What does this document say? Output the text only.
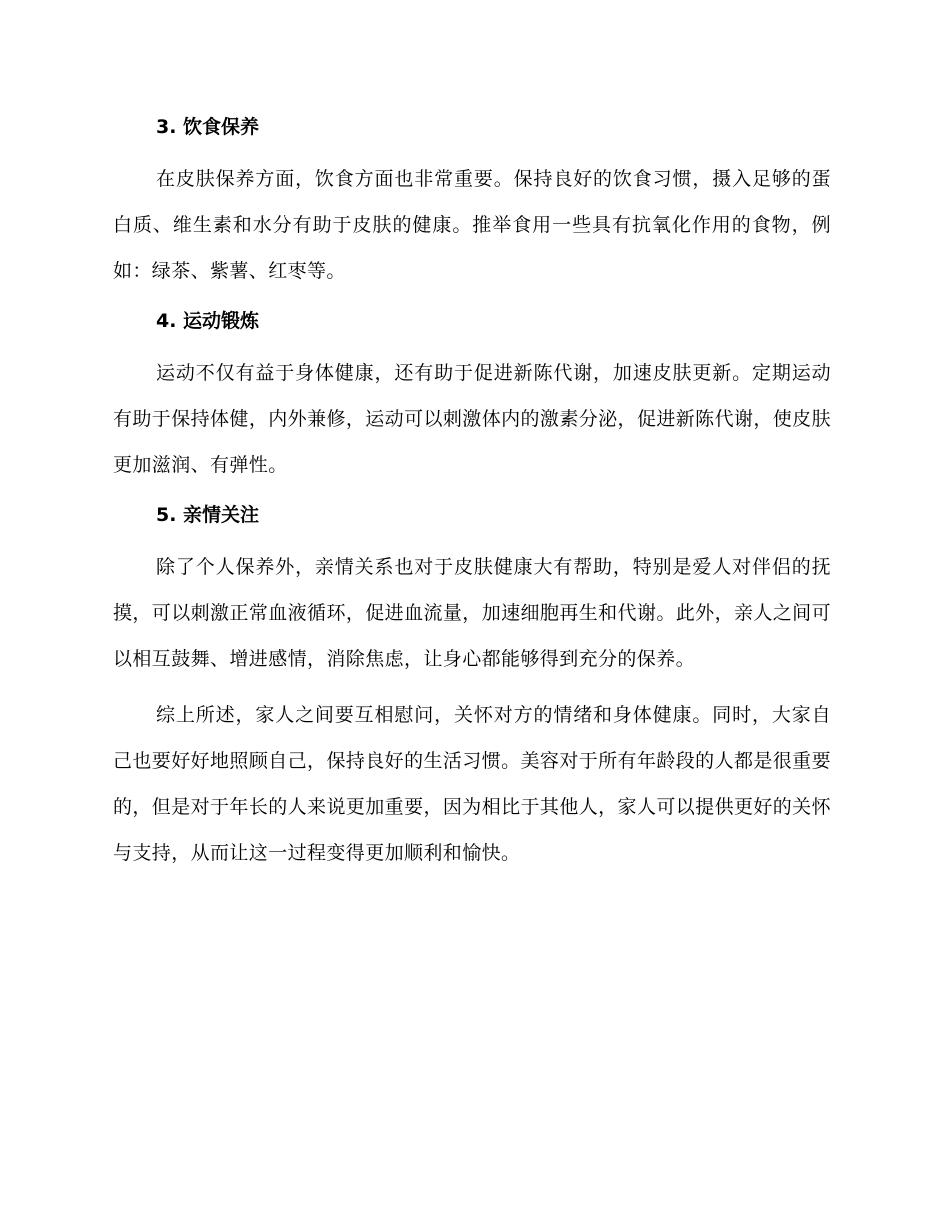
3. 饮食保养

在皮肤保养方面，饮食方面也非常重要。保持良好的饮食习惯，摄入足够的蛋白质、维生素和水分有助于皮肤的健康。推举食用一些具有抗氧化作用的食物，例如：绿茶、紫薯、红枣等。

4. 运动锻炼

运动不仅有益于身体健康，还有助于促进新陈代谢，加速皮肤更新。定期运动有助于保持体健，内外兼修，运动可以刺激体内的激素分泌，促进新陈代谢，使皮肤更加滋润、有弹性。

5. 亲情关注

除了个人保养外，亲情关系也对于皮肤健康大有帮助，特别是爱人对伴侣的抚摸，可以刺激正常血液循环，促进血流量，加速细胞再生和代谢。此外，亲人之间可以相互鼓舞、增进感情，消除焦虑，让身心都能够得到充分的保养。

综上所述，家人之间要互相慰问，关怀对方的情绪和身体健康。同时，大家自己也要好好地照顾自己，保持良好的生活习惯。美容对于所有年龄段的人都是很重要的，但是对于年长的人来说更加重要，因为相比于其他人，家人可以提供更好的关怀与支持，从而让这一过程变得更加顺利和愉快。
